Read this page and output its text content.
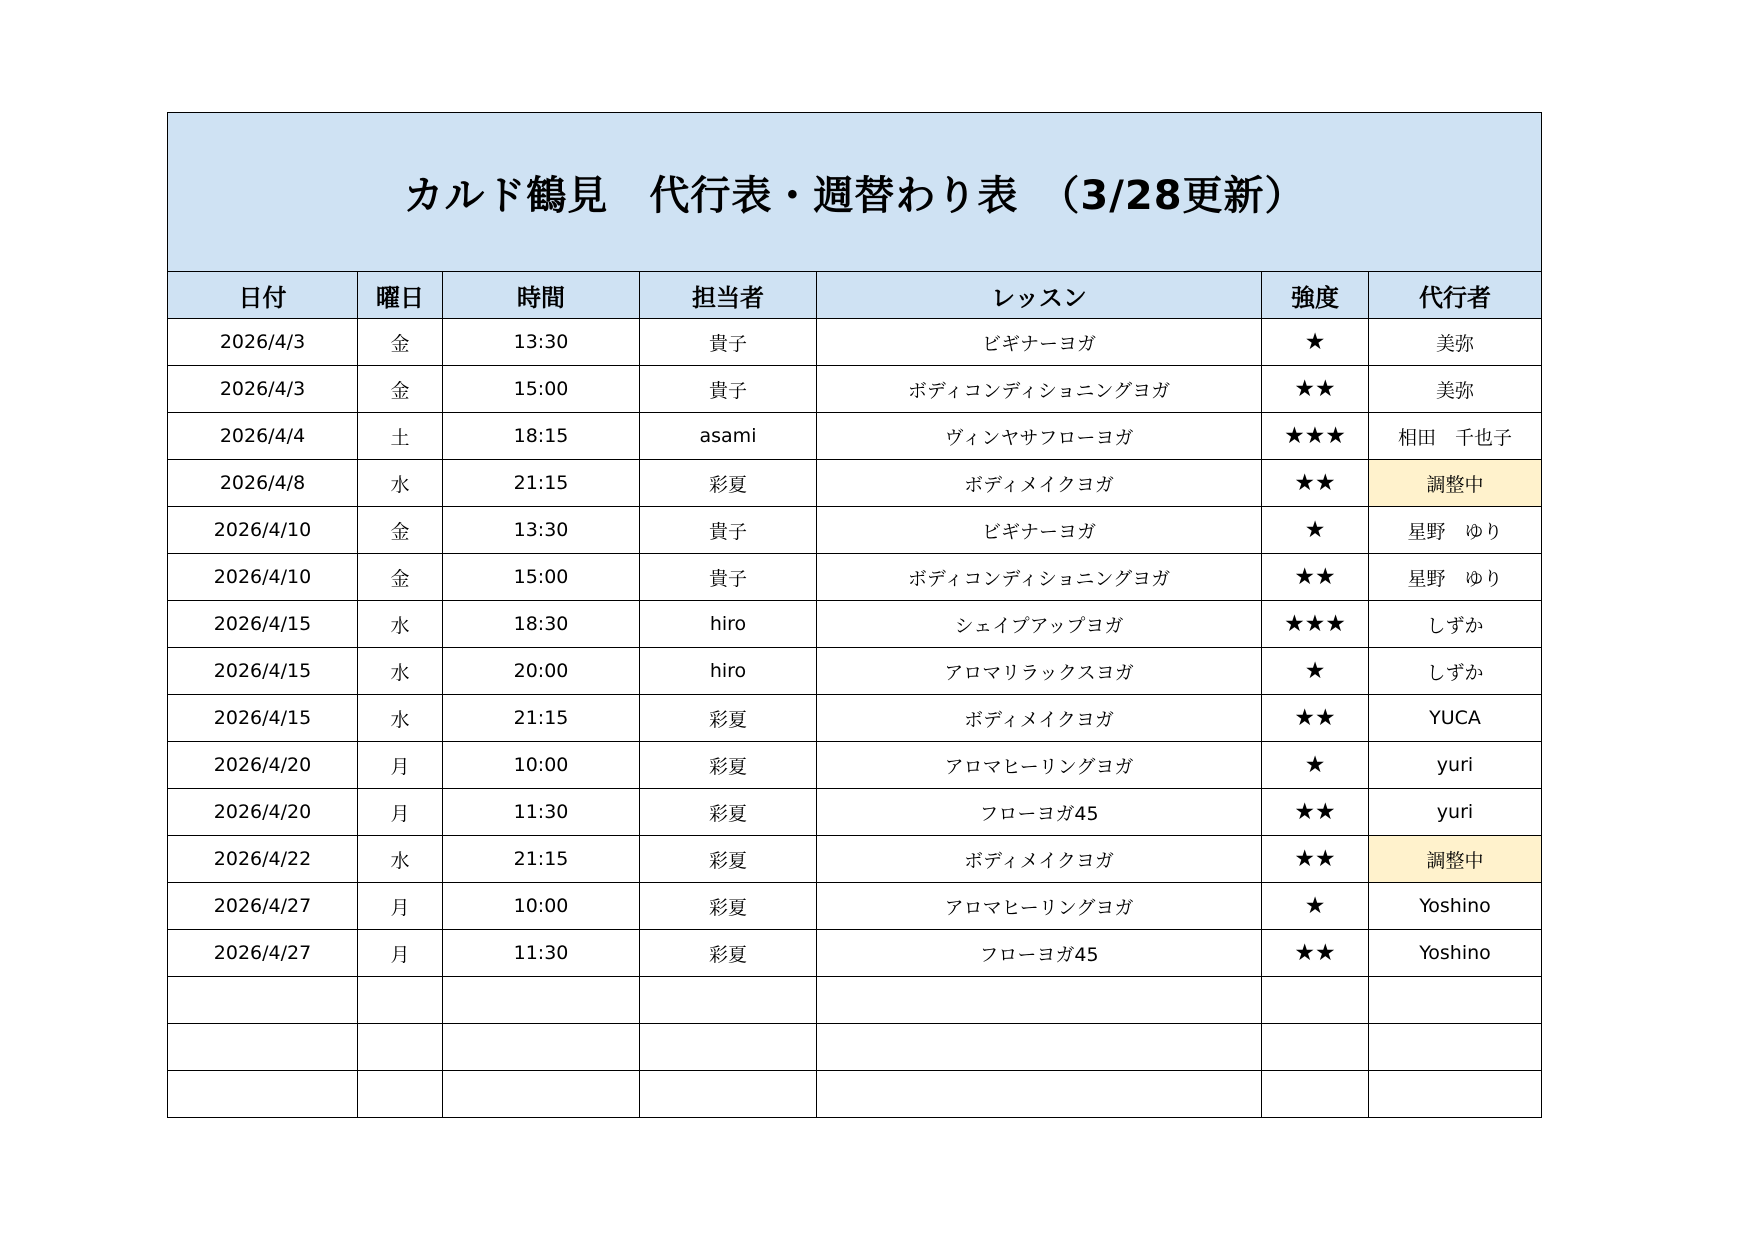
カルド鶴見　代行表・週替わり表　（3/28更新）						
日付	曜日	時間	担当者	レッスン	強度	代行者
2026/4/3	金	13:30	貴子	ビギナーヨガ	★	美弥
2026/4/3	金	15:00	貴子	ボディコンディショニングヨガ	★★	美弥
2026/4/4	土	18:15	asami	ヴィンヤサフローヨガ	★★★	相田　千也子
2026/4/8	水	21:15	彩夏	ボディメイクヨガ	★★	調整中
2026/4/10	金	13:30	貴子	ビギナーヨガ	★	星野　ゆり
2026/4/10	金	15:00	貴子	ボディコンディショニングヨガ	★★	星野　ゆり
2026/4/15	水	18:30	hiro	シェイプアップヨガ	★★★	しずか
2026/4/15	水	20:00	hiro	アロマリラックスヨガ	★	しずか
2026/4/15	水	21:15	彩夏	ボディメイクヨガ	★★	YUCA
2026/4/20	月	10:00	彩夏	アロマヒーリングヨガ	★	yuri
2026/4/20	月	11:30	彩夏	フローヨガ45	★★	yuri
2026/4/22	水	21:15	彩夏	ボディメイクヨガ	★★	調整中
2026/4/27	月	10:00	彩夏	アロマヒーリングヨガ	★	Yoshino
2026/4/27	月	11:30	彩夏	フローヨガ45	★★	Yoshino
